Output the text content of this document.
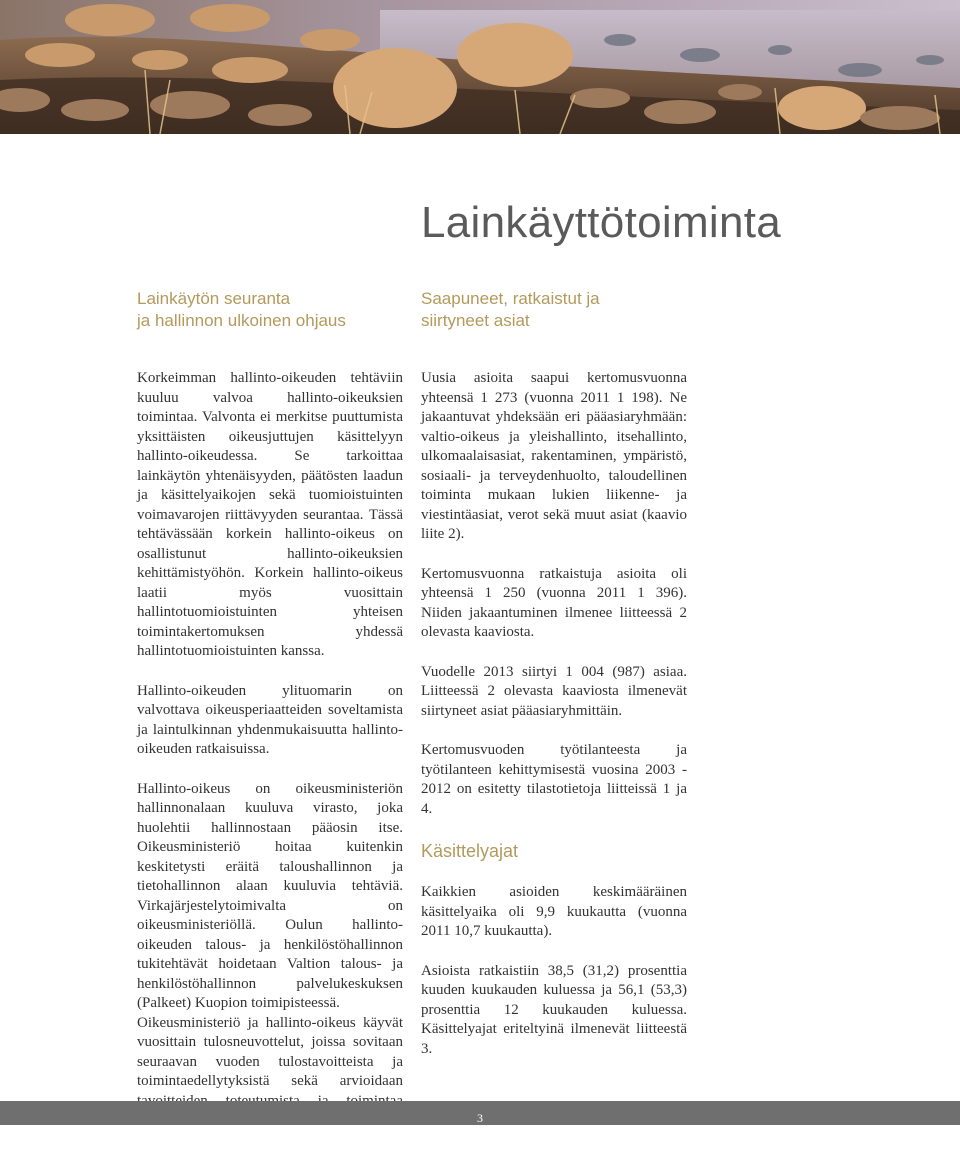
Lainkäyttötoiminta
Lainkäytön seuranta
ja hallinnon ulkoinen ohjaus
Saapuneet, ratkaistut ja
siirtyneet asiat

Korkeimman hallinto-oikeuden tehtäviin kuuluu valvoa hallinto-oikeuksien toimintaa. Valvonta ei merkitse puuttumista yksittäisten oikeusjuttujen käsittelyyn hallinto-oikeudessa. Se tarkoittaa lainkäytön yhtenäisyyden, päätösten laadun ja käsittelyaikojen sekä tuomioistuinten voimavarojen riittävyyden seurantaa. Tässä tehtävässään korkein hallinto-oikeus on osallistunut hallinto-oikeuksien kehittämistyöhön. Korkein hallinto-oikeus laatii myös vuosittain hallintotuomioistuinten yhteisen toimintakertomuksen yhdessä hallintotuomioistuinten kanssa.

Hallinto-oikeuden ylituomarin on valvottava oikeusperiaatteiden soveltamista ja laintulkinnan yhdenmukaisuutta hallinto-oikeuden ratkaisuissa.

Hallinto-oikeus on oikeusministeriön hallinnonalaan kuuluva virasto, joka huolehtii hallinnostaan pääosin itse. Oikeusministeriö hoitaa kuitenkin keskitetysti eräitä taloushallinnon ja tietohallinnon alaan kuuluvia tehtäviä. Virkajärjestelytoimivalta on oikeusministeriöllä. Oulun hallinto-oikeuden talous- ja henkilöstöhallinnon tukitehtävät hoidetaan Valtion talous- ja henkilöstöhallinnon palvelukeskuksen (Palkeet) Kuopion toimipisteessä.

Oikeusministeriö ja hallinto-oikeus käyvät vuosittain tulosneuvottelut, joissa sovitaan seuraavan vuoden tulostavoitteista ja toimintaedellytyksistä sekä arvioidaan

Uusia asioita saapui kertomusvuonna yhteensä 1 273 (vuonna 2011 1 198). Ne jakaantuvat yhdeksään eri pääasiaryhmään: valtio-oikeus ja yleishallinto, itsehallinto, ulkomaalaisasiat, rakentaminen, ympäristö, sosiaali- ja terveydenhuolto, taloudellinen toiminta mukaan lukien liikenne- ja viestintäasiat, verot sekä muut asiat (kaavio liite 2).

Kertomusvuonna ratkaistuja asioita oli yhteensä 1 250 (vuonna 2011 1 396). Niiden jakaantuminen ilmenee liitteessä 2 olevasta kaaviosta.

Vuodelle 2013 siirtyi 1 004 (987) asiaa. Liitteessä 2 olevasta kaaviosta ilmenevät siirtyneet asiat pääasiaryhmittäin.

Kertomusvuoden työtilanteesta ja työtilanteen kehittymisestä vuosina 2003 - 2012 on esitetty tilastotietoja liitteissä 1 ja 4.

Käsittelyajat

Kaikkien asioiden keskimääräinen käsittelyaika oli 9,9 kuukautta (vuonna 2011 10,7 kuukautta).

Asioista ratkaistiin 38,5 (31,2) prosenttia kuuden kuukauden kuluessa ja 56,1 (53,3) prosenttia 12 kuukauden kuluessa. Käsittelyajat eriteltyinä ilmenevät liitteestä 3.

3
